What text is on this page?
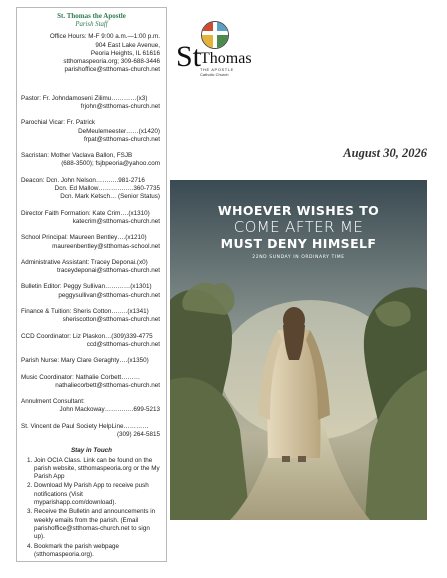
St. Thomas the Apostle
Parish Staff
Office Hours: M-F 9:00 a.m.—1:00 p.m.
904 East Lake Avenue,
Peoria Heights, IL 61616
stthomaspeoria.org; 309-688-3446
parishoffice@stthomas-church.net
Pastor: Fr. Johndamoseni Zilimu…………(x3)
frjohn@stthomas-church.net
Parochial Vicar: Fr. Patrick
DeMeulemeester……(x1420)
frpat@stthomas-church.net
Sacristan: Mother Vaclava Ballon, FSJB
(688-3500); fsjbpeoria@yahoo.com
Deacon: Dcn. John Nelson………..981-2716
Dcn. Ed Mallow……………..360-7735
Dcn. Mark Ketsch… (Senior Status)
Director Faith Formation: Kate Crim….(x1310)
katecrim@stthomas-church.net
School Principal: Maureen Bentley….(x1210)
maureenbentley@stthomas-school.net
Administrative Assistant: Tracey Deponai.(x0)
traceydeponai@stthomas-church.net
Bulletin Editor: Peggy Sullivan…………(x1301)
peggysullivan@stthomas-church.net
Finance & Tuition: Sheris Cotton……..(x1341)
sheriscotton@stthomas-church.net
CCD Coordinator: Liz Plaskon…(309)339-4775
ccd@stthomas-church.net
Parish Nurse: Mary Clare Geraghty….(x1350)
Music Coordinator: Nathalie Corbett………
nathaliecorbett@stthomas-church.net
Annulment Consultant:
John Mackoway…………..699-5213
St. Vincent de Paul Society HelpLine…………
(309) 264-5815
Stay in Touch
1. Join OCIA Class. Link can be found on the parish website, stthomaspeoria.org or the My Parish App
2. Download My Parish App to receive push notifications (Visit myparishapp.com/download).
3. Receive the Bulletin and announcements in weekly emails from the parish. (Email parishoffice@stthomas-church.net to sign up).
4. Bookmark the parish webpage (stthomaspeoria.org).
St
Thomas
THE APOSTLE
Catholic Church
August 30, 2026
WHOEVER WISHES TO
COME AFTER ME
MUST DENY HIMSELF
22ND SUNDAY IN ORDINARY TIME
